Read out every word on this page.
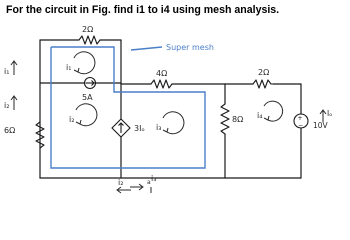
For the circuit in Fig. find i1 to i4 using mesh analysis.
+
−
2Ω
4Ω	2Ω
8Ω
6Ω
5A
3Iₒ	10V
Super mesh
i₁
i₂
i₃
i₄
i₁
i₂
i₃
i₂
Iₒ
a
